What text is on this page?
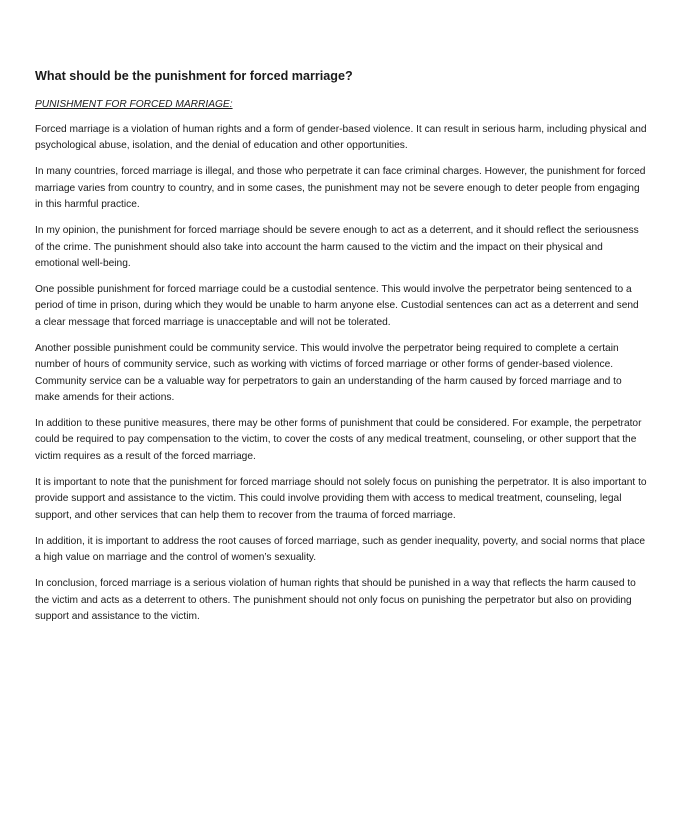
What should be the punishment for forced marriage?
PUNISHMENT FOR FORCED MARRIAGE:

Forced marriage is a violation of human rights and a form of gender-based violence. It can result in serious harm, including physical and psychological abuse, isolation, and the denial of education and other opportunities.

In many countries, forced marriage is illegal, and those who perpetrate it can face criminal charges. However, the punishment for forced marriage varies from country to country, and in some cases, the punishment may not be severe enough to deter people from engaging in this harmful practice.

In my opinion, the punishment for forced marriage should be severe enough to act as a deterrent, and it should reflect the seriousness of the crime. The punishment should also take into account the harm caused to the victim and the impact on their physical and emotional well-being.

One possible punishment for forced marriage could be a custodial sentence. This would involve the perpetrator being sentenced to a period of time in prison, during which they would be unable to harm anyone else. Custodial sentences can act as a deterrent and send a clear message that forced marriage is unacceptable and will not be tolerated.

Another possible punishment could be community service. This would involve the perpetrator being required to complete a certain number of hours of community service, such as working with victims of forced marriage or other forms of gender-based violence. Community service can be a valuable way for perpetrators to gain an understanding of the harm caused by forced marriage and to make amends for their actions.

In addition to these punitive measures, there may be other forms of punishment that could be considered. For example, the perpetrator could be required to pay compensation to the victim, to cover the costs of any medical treatment, counseling, or other support that the victim requires as a result of the forced marriage.

It is important to note that the punishment for forced marriage should not solely focus on punishing the perpetrator. It is also important to provide support and assistance to the victim. This could involve providing them with access to medical treatment, counseling, legal support, and other services that can help them to recover from the trauma of forced marriage.

In addition, it is important to address the root causes of forced marriage, such as gender inequality, poverty, and social norms that place a high value on marriage and the control of women’s sexuality.

In conclusion, forced marriage is a serious violation of human rights that should be punished in a way that reflects the harm caused to the victim and acts as a deterrent to others. The punishment should not only focus on punishing the perpetrator but also on providing support and assistance to the victim.
